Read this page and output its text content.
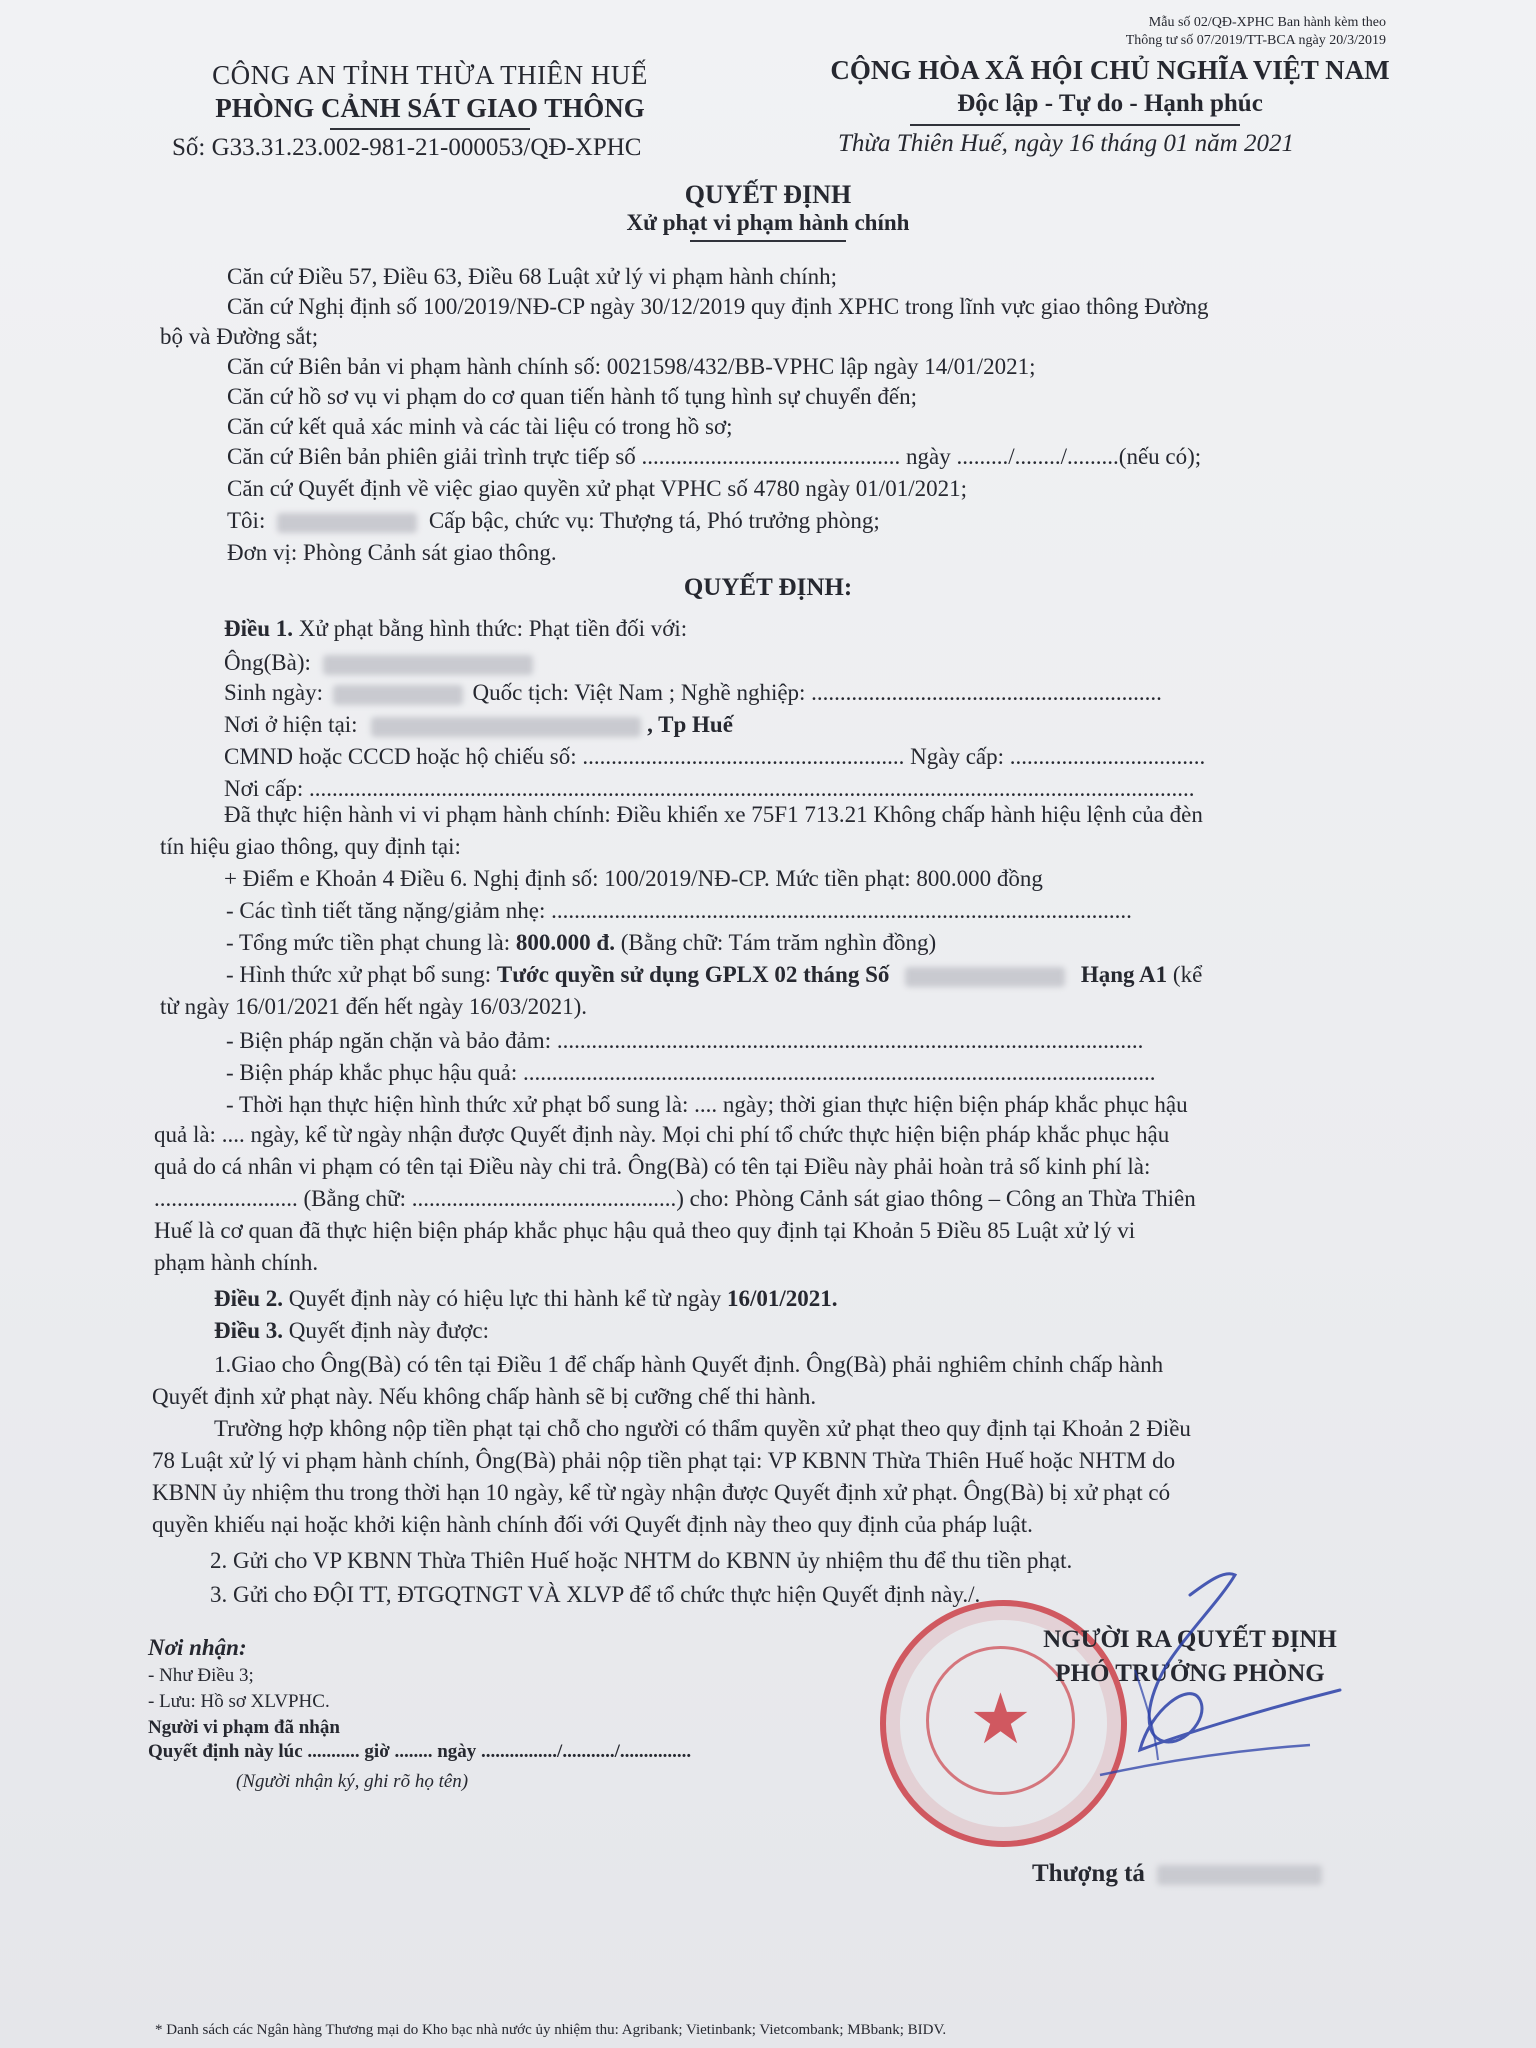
Mẫu số 02/QĐ-XPHC Ban hành kèm theo
Thông tư số 07/2019/TT-BCA ngày 20/3/2019
CÔNG AN TỈNH THỪA THIÊN HUẾ
PHÒNG CẢNH SÁT GIAO THÔNG
CỘNG HÒA XÃ HỘI CHỦ NGHĨA VIỆT NAM
Độc lập - Tự do - Hạnh phúc
Số: G33.31.23.002-981-21-000053/QĐ-XPHC	Thừa Thiên Huế, ngày 16 tháng 01 năm 2021
QUYẾT ĐỊNH
Xử phạt vi phạm hành chính
Căn cứ Điều 57, Điều 63, Điều 68 Luật xử lý vi phạm hành chính;
Căn cứ Nghị định số 100/2019/NĐ-CP ngày 30/12/2019 quy định XPHC trong lĩnh vực giao thông Đường
bộ và Đường sắt;
Căn cứ Biên bản vi phạm hành chính số: 0021598/432/BB-VPHC lập ngày 14/01/2021;
Căn cứ hồ sơ vụ vi phạm do cơ quan tiến hành tố tụng hình sự chuyển đến;
Căn cứ kết quả xác minh và các tài liệu có trong hồ sơ;
Căn cứ Biên bản phiên giải trình trực tiếp số ............................................. ngày ........./......../.........(nếu có);
Căn cứ Quyết định về việc giao quyền xử phạt VPHC số 4780 ngày 01/01/2021;
Tôi:	Cấp bậc, chức vụ: Thượng tá, Phó trưởng phòng;
Đơn vị: Phòng Cảnh sát giao thông.
QUYẾT ĐỊNH:
Điều 1. Xử phạt bằng hình thức: Phạt tiền đối với:
Ông(Bà):
Sinh ngày:	Quốc tịch: Việt Nam ; Nghề nghiệp: .............................................................
Nơi ở hiện tại:	, Tp Huế
CMND hoặc CCCD hoặc hộ chiếu số: ........................................................ Ngày cấp: ..................................
Nơi cấp: ..........................................................................................................................................................
Đã thực hiện hành vi vi phạm hành chính: Điều khiển xe 75F1 713.21 Không chấp hành hiệu lệnh của đèn
tín hiệu giao thông, quy định tại:
+ Điểm e Khoản 4 Điều 6. Nghị định số: 100/2019/NĐ-CP. Mức tiền phạt: 800.000 đồng
- Các tình tiết tăng nặng/giảm nhẹ: .....................................................................................................
- Tổng mức tiền phạt chung là: 800.000 đ. (Bằng chữ: Tám trăm nghìn đồng)
- Hình thức xử phạt bổ sung: Tước quyền sử dụng GPLX 02 tháng Số	Hạng A1 (kể
từ ngày 16/01/2021 đến hết ngày 16/03/2021).
- Biện pháp ngăn chặn và bảo đảm: ......................................................................................................
- Biện pháp khắc phục hậu quả: ..............................................................................................................
- Thời hạn thực hiện hình thức xử phạt bổ sung là: .... ngày; thời gian thực hiện biện pháp khắc phục hậu
quả là: .... ngày, kể từ ngày nhận được Quyết định này. Mọi chi phí tổ chức thực hiện biện pháp khắc phục hậu
quả do cá nhân vi phạm có tên tại Điều này chi trả. Ông(Bà) có tên tại Điều này phải hoàn trả số kinh phí là:
......................... (Bằng chữ: ..............................................) cho: Phòng Cảnh sát giao thông – Công an Thừa Thiên
Huế là cơ quan đã thực hiện biện pháp khắc phục hậu quả theo quy định tại Khoản 5 Điều 85 Luật xử lý vi
phạm hành chính.
Điều 2. Quyết định này có hiệu lực thi hành kể từ ngày 16/01/2021.
Điều 3. Quyết định này được:
1.Giao cho Ông(Bà) có tên tại Điều 1 để chấp hành Quyết định. Ông(Bà) phải nghiêm chỉnh chấp hành
Quyết định xử phạt này. Nếu không chấp hành sẽ bị cưỡng chế thi hành.
Trường hợp không nộp tiền phạt tại chỗ cho người có thẩm quyền xử phạt theo quy định tại Khoản 2 Điều
78 Luật xử lý vi phạm hành chính, Ông(Bà) phải nộp tiền phạt tại: VP KBNN Thừa Thiên Huế hoặc NHTM do
KBNN ủy nhiệm thu trong thời hạn 10 ngày, kể từ ngày nhận được Quyết định xử phạt. Ông(Bà) bị xử phạt có
quyền khiếu nại hoặc khởi kiện hành chính đối với Quyết định này theo quy định của pháp luật.
2. Gửi cho VP KBNN Thừa Thiên Huế hoặc NHTM do KBNN ủy nhiệm thu để thu tiền phạt.
3. Gửi cho ĐỘI TT, ĐTGQTNGT VÀ XLVP để tổ chức thực hiện Quyết định này./.
★
NGƯỜI RA QUYẾT ĐỊNH
PHÓ TRƯỞNG PHÒNG
Thượng tá
Nơi nhận:
- Như Điều 3;
- Lưu: Hồ sơ XLVPHC.
Người vi phạm đã nhận
Quyết định này lúc ........... giờ ........ ngày ................/.........../...............
(Người nhận ký, ghi rõ họ tên)
* Danh sách các Ngân hàng Thương mại do Kho bạc nhà nước ủy nhiệm thu: Agribank; Vietinbank; Vietcombank; MBbank; BIDV.
